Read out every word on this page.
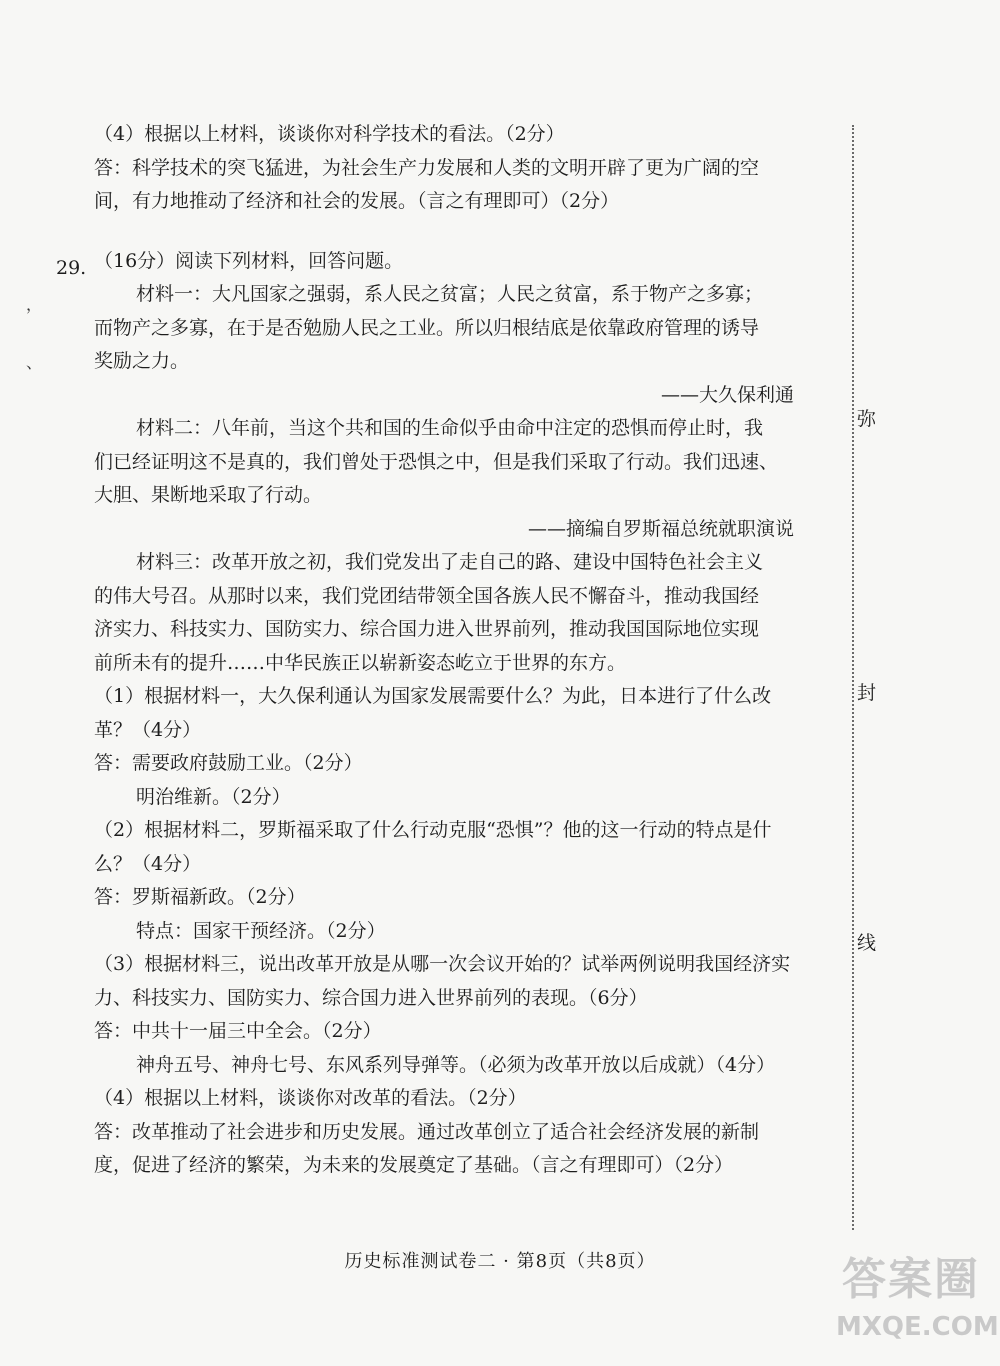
（4）根据以上材料，谈谈你对科学技术的看法。（2分）
答：科学技术的突飞猛进，为社会生产力发展和人类的文明开辟了更为广阔的空
间，有力地推动了经济和社会的发展。（言之有理即可）（2分）
（16分）阅读下列材料，回答问题。
材料一：大凡国家之强弱，系人民之贫富；人民之贫富，系于物产之多寡；
而物产之多寡，在于是否勉励人民之工业。所以归根结底是依靠政府管理的诱导
奖励之力。
——大久保利通
材料二：八年前，当这个共和国的生命似乎由命中注定的恐惧而停止时，我
们已经证明这不是真的，我们曾处于恐惧之中，但是我们采取了行动。我们迅速、
大胆、果断地采取了行动。
——摘编自罗斯福总统就职演说
材料三：改革开放之初，我们党发出了走自己的路、建设中国特色社会主义
的伟大号召。从那时以来，我们党团结带领全国各族人民不懈奋斗，推动我国经
济实力、科技实力、国防实力、综合国力进入世界前列，推动我国国际地位实现
前所未有的提升……中华民族正以崭新姿态屹立于世界的东方。
（1）根据材料一，大久保利通认为国家发展需要什么？为此，日本进行了什么改
革？（4分）
答：需要政府鼓励工业。（2分）
明治维新。（2分）
（2）根据材料二，罗斯福采取了什么行动克服“恐惧”？他的这一行动的特点是什
么？（4分）
答：罗斯福新政。（2分）
特点：国家干预经济。（2分）
（3）根据材料三，说出改革开放是从哪一次会议开始的？试举两例说明我国经济实
力、科技实力、国防实力、综合国力进入世界前列的表现。（6分）
答：中共十一届三中全会。（2分）
神舟五号、神舟七号、东风系列导弹等。（必须为改革开放以后成就）（4分）
（4）根据以上材料，谈谈你对改革的看法。（2分）
答：改革推动了社会进步和历史发展。通过改革创立了适合社会经济发展的新制
度，促进了经济的繁荣，为未来的发展奠定了基础。（言之有理即可）（2分）
29.
，
、
弥
封
线
历史标准测试卷二 · 第8页（共8页）	答案圈
MXQE.COM
